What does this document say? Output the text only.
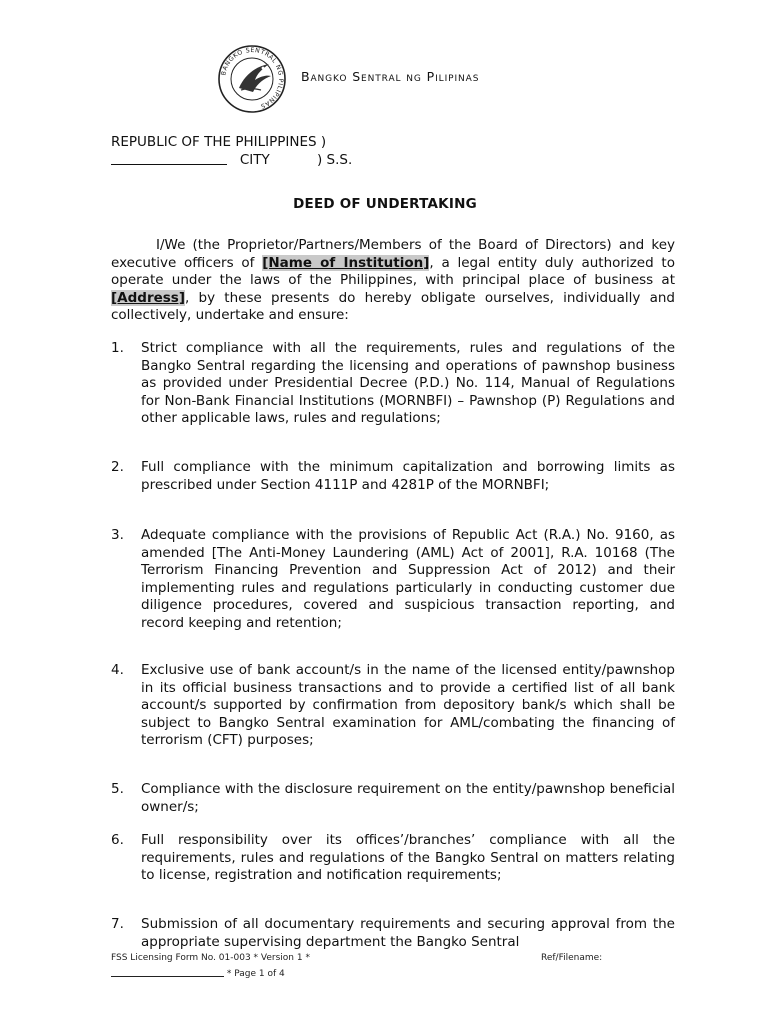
BANGKO SENTRAL NG PILIPINAS
Bangko Sentral ng Pilipinas
REPUBLIC OF THE PHILIPPINES )
CITY	) S.S.
DEED OF UNDERTAKING
I/We (the Proprietor/Partners/Members of the Board of Directors) and key executive officers of [Name of Institution], a legal entity duly authorized to operate under the laws of the Philippines, with principal place of business at [Address], by these presents do hereby obligate ourselves, individually and collectively, undertake and ensure:
1.	Strict compliance with all the requirements, rules and regulations of the Bangko Sentral regarding the licensing and operations of pawnshop business as provided under Presidential Decree (P.D.) No. 114, Manual of Regulations for Non-Bank Financial Institutions (MORNBFI) – Pawnshop (P) Regulations and other applicable laws, rules and regulations;
2.	Full compliance with the minimum capitalization and borrowing limits as prescribed under Section 4111P and 4281P of the MORNBFI;
3.	Adequate compliance with the provisions of Republic Act (R.A.) No. 9160, as amended [The Anti-Money Laundering (AML) Act of 2001], R.A. 10168 (The Terrorism Financing Prevention and Suppression Act of 2012) and their implementing rules and regulations particularly in conducting customer due diligence procedures, covered and suspicious transaction reporting, and record keeping and retention;
4.	Exclusive use of bank account/s in the name of the licensed entity/pawnshop in its official business transactions and to provide a certified list of all bank account/s supported by confirmation from depository bank/s which shall be subject to Bangko Sentral examination for AML/combating the financing of terrorism (CFT) purposes;
5.	Compliance with the disclosure requirement on the entity/pawnshop beneficial owner/s;
6.	Full responsibility over its offices’/branches’ compliance with all the requirements, rules and regulations of the Bangko Sentral on matters relating to license, registration and notification requirements;
7.	Submission of all documentary requirements and securing approval from the appropriate supervising department the Bangko Sentral
FSS Licensing Form No. 01-003 * Version 1 *	Ref/Filename:
* Page 1 of 4
